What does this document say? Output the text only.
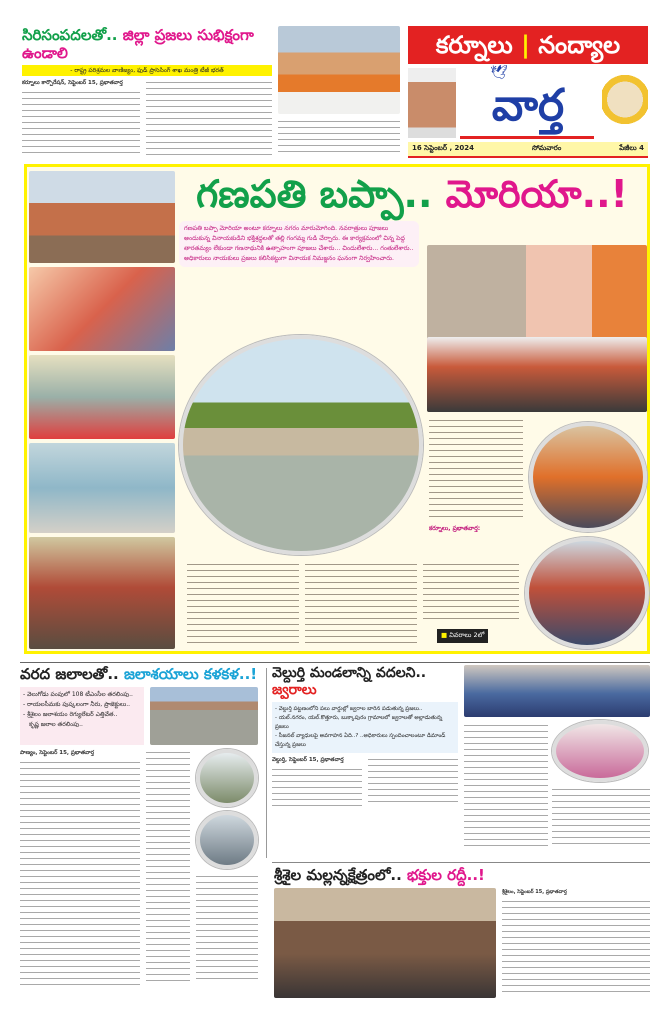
సిరిసంపదలతో.. జిల్లా ప్రజలు సుభిక్షంగా ఉండాలి
- రాష్ట్ర పరిశ్రమల వాణిజ్యం, ఫుడ్ ప్రాసెసింగ్ శాఖ మంత్రి టీజీ భరత్
కర్నూలు కార్పొరేషన్, సెప్టెంబర్ 15, ప్రభాతవార్త
కర్నూలు | నంద్యాల
🕊
వార్త
16 సెప్టెంబర్ , 2024	సోమవారం	పేజీలు 4
గణపతి బప్పా.. మోరియా..!
గణపతి బప్పా మోరియా అంటూ కర్నూలు నగరం మారుమోగింది. నవరాత్రులు పూజలు అందుకున్న వినాయకుడిని భక్తిశ్రద్ధలతో తల్లి గంగమ్మ గుడి చేర్చారు. ఈ కార్యక్రమంలో చిన్న పెద్ద తారతమ్యం లేకుండా గణనాథునికి ఉత్సాహంగా పూజలు చేశారు... చిందులేశారు... గంతులేశారు.. అధికారులు నాయకులు ప్రజలు కలిసికట్టుగా వినాయక నిమజ్జనం ఘనంగా నిర్వహించారు.
కర్నూలు, ప్రభాతవార్త:
■ వివరాలు 2లో
వరద జలాలతో.. జలాశయాలు కళకళ..!
- వెలుగోడు పంపులో 108 టీఎంసీల తరలింపు..
- రాయలసీమకు పుష్కలంగా నీరు, ప్రాజెక్టులు..
- శ్రీశైలం జలాశయం రెగ్యులేటర్ ఎత్తివేత..
కృష్ణ జలాల తరలింపు..
పాణ్యం, సెప్టెంబర్ 15, ప్రభాతవార్త
వెల్దుర్తి మండలాన్ని వదలని.. జ్వరాలు
- వెల్దుర్తి పట్టణంలోని పలు వార్డుల్లో జ్వరాల బారిన పడుతున్న ప్రజలు..
- యల్.నగరం, యల్.కొత్తూరు, బుక్కాపురం గ్రామాలలో జ్వరాలతో అల్లాడుతున్న ప్రజలు
- సీజనల్ వ్యాధులపై అవగాహన ఏది..? ..అధికారులు స్పందించాలంటూ డిమాండ్ చేస్తున్న ప్రజలు
వెల్దుర్తి, సెప్టెంబర్ 15, ప్రభాతవార్త
శ్రీశైల మల్లన్నక్షేత్రంలో.. భక్తుల రద్దీ..!
శ్రీశైలం, సెప్టెంబర్ 15, ప్రభాతవార్త
